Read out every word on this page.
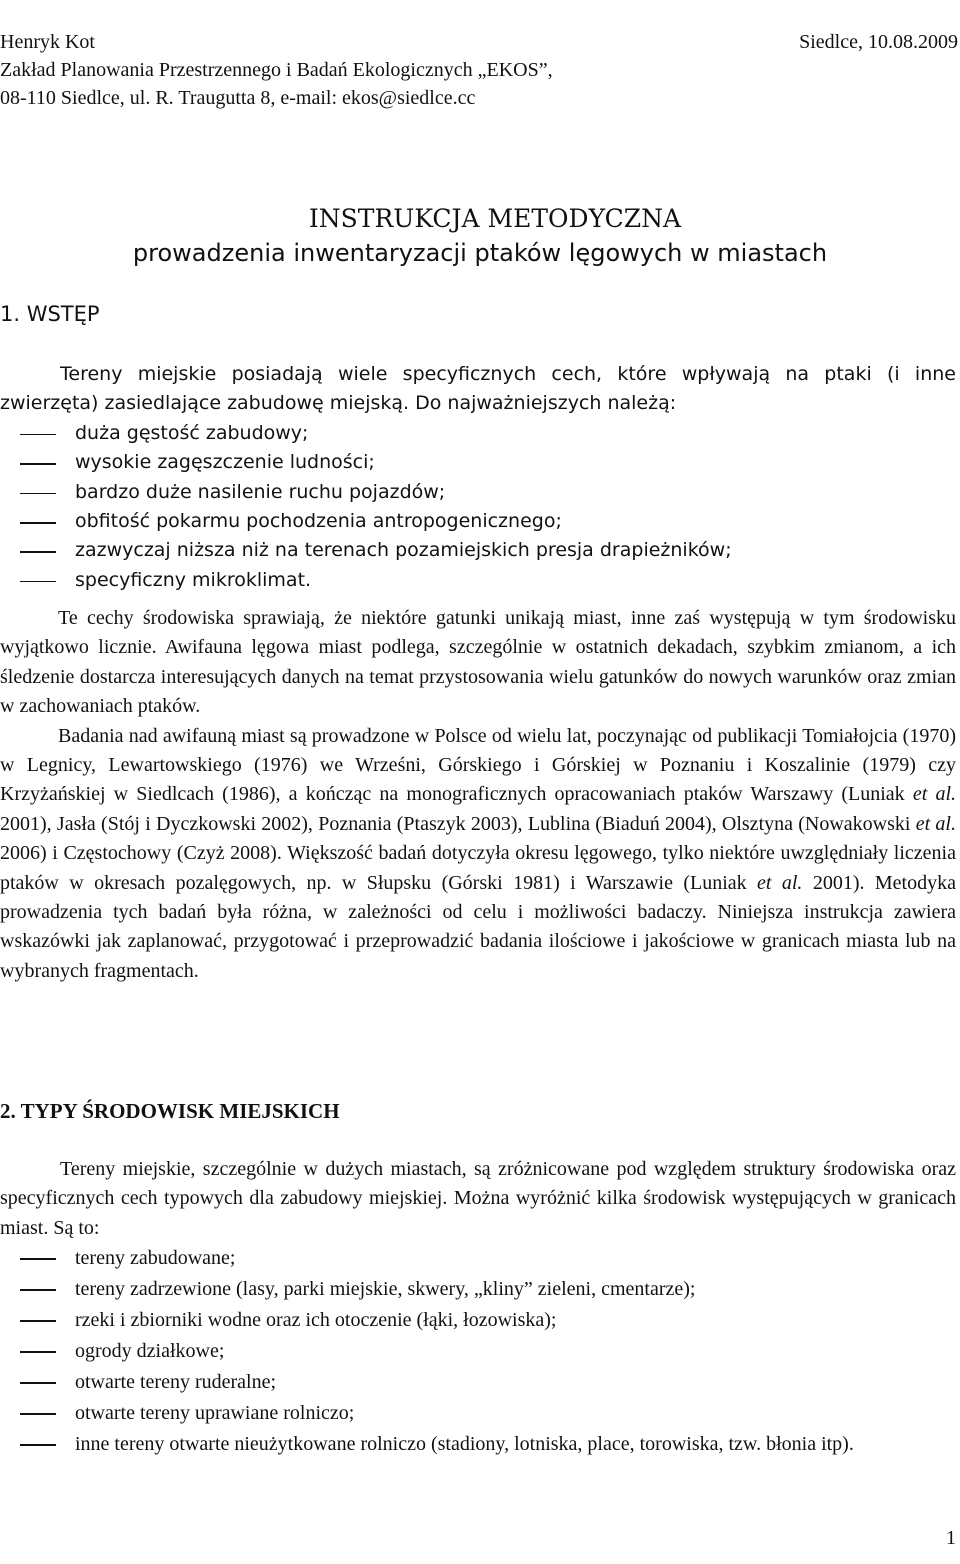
Siedlce, 10.08.2009
Henryk Kot
Zakład Planowania Przestrzennego i Badań Ekologicznych „EKOS”,
08-110 Siedlce, ul. R. Traugutta 8, e-mail: ekos@siedlce.cc
INSTRUKCJA METODYCZNA
prowadzenia inwentaryzacji ptaków lęgowych w miastach
1. WSTĘP

Tereny miejskie posiadają wiele specyficznych cech, które wpływają na ptaki (i inne zwierzęta) zasiedlające zabudowę miejską. Do najważniejszych należą:

duża gęstość zabudowy;
wysokie zagęszczenie ludności;
bardzo duże nasilenie ruchu pojazdów;
obfitość pokarmu pochodzenia antropogenicznego;
zazwyczaj niższa niż na terenach pozamiejskich presja drapieżników;
specyficzny mikroklimat.

Te cechy środowiska sprawiają, że niektóre gatunki unikają miast, inne zaś występują w tym środowisku wyjątkowo licznie. Awifauna lęgowa miast podlega, szczególnie w ostatnich dekadach, szybkim zmianom, a ich śledzenie dostarcza interesujących danych na temat przystosowania wielu gatunków do nowych warunków oraz zmian w zachowaniach ptaków.

Badania nad awifauną miast są prowadzone w Polsce od wielu lat, poczynając od publikacji Tomiałojcia (1970) w Legnicy, Lewartowskiego (1976) we Wrześni, Górskiego i Górskiej w Poznaniu i Koszalinie (1979) czy Krzyżańskiej w Siedlcach (1986), a kończąc na monograficznych opracowaniach ptaków Warszawy (Luniak et al. 2001), Jasła (Stój i Dyczkowski 2002), Poznania (Ptaszyk 2003), Lublina (Biaduń 2004), Olsztyna (Nowakowski et al. 2006) i Częstochowy (Czyż 2008). Większość badań dotyczyła okresu lęgowego, tylko niektóre uwzględniały liczenia ptaków w okresach pozalęgowych, np. w Słupsku (Górski 1981) i Warszawie (Luniak et al. 2001). Metodyka prowadzenia tych badań była różna, w zależności od celu i możliwości badaczy. Niniejsza instrukcja zawiera wskazówki jak zaplanować, przygotować i przeprowadzić badania ilościowe i jakościowe w granicach miasta lub na wybranych fragmentach.

2. TYPY ŚRODOWISK MIEJSKICH

Tereny miejskie, szczególnie w dużych miastach, są zróżnicowane pod względem struktury środowiska oraz specyficznych cech typowych dla zabudowy miejskiej. Można wyróżnić kilka środowisk występujących w granicach miast. Są to:

tereny zabudowane;
tereny zadrzewione (lasy, parki miejskie, skwery, „kliny” zieleni, cmentarze);
rzeki i zbiorniki wodne oraz ich otoczenie (łąki, łozowiska);
ogrody działkowe;
otwarte tereny ruderalne;
otwarte tereny uprawiane rolniczo;
inne tereny otwarte nieużytkowane rolniczo (stadiony, lotniska, place, torowiska, tzw. błonia itp).
1
